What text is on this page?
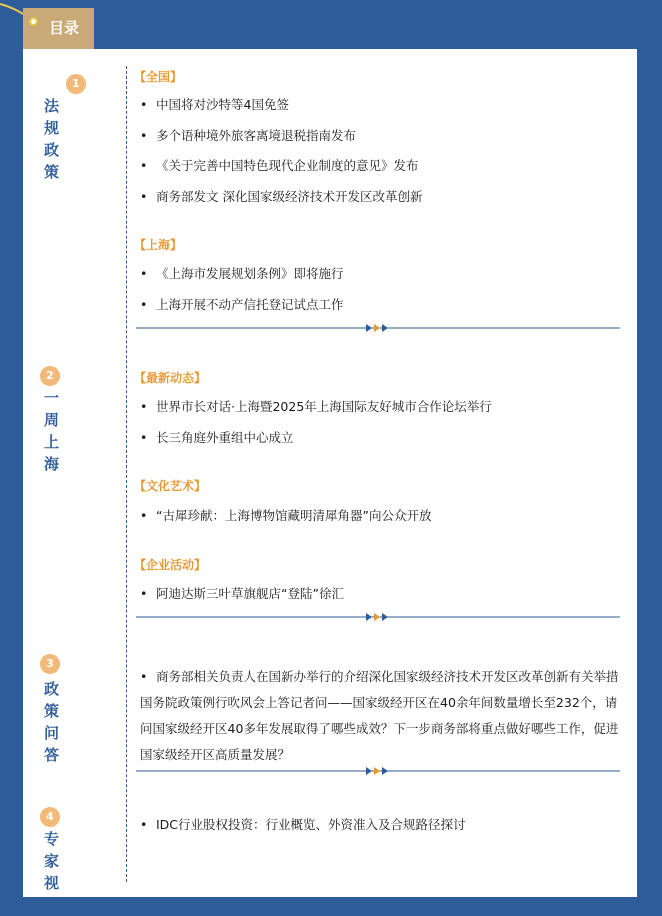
目录
1
法 规
政 策
【全国】
• 中国将对沙特等4国免签
• 多个语种境外旅客离境退税指南发布
• 《关于完善中国特色现代企业制度的意见》发布
• 商务部发文 深化国家级经济技术开发区改革创新
【上海】
• 《上海市发展规划条例》即将施行
• 上海开展不动产信托登记试点工作
2
一 周
上 海
【最新动态】
• 世界市长对话·上海暨2025年上海国际友好城市合作论坛举行
• 长三角庭外重组中心成立
【文化艺术】
• “古犀珍献：上海博物馆藏明清犀角器”向公众开放
【企业活动】
• 阿迪达斯三叶草旗舰店“登陆”徐汇
3
政 策
问 答
• 商务部相关负责人在国新办举行的介绍深化国家级经济技术开发区改革创新有关举措国务院政策例行吹风会上答记者问——国家级经开区在40余年间数量增长至232个，请问国家级经开区40多年发展取得了哪些成效？下一步商务部将重点做好哪些工作，促进国家级经开区高质量发展？
4
专 家
视 野
• IDC行业股权投资：行业概览、外资准入及合规路径探讨
